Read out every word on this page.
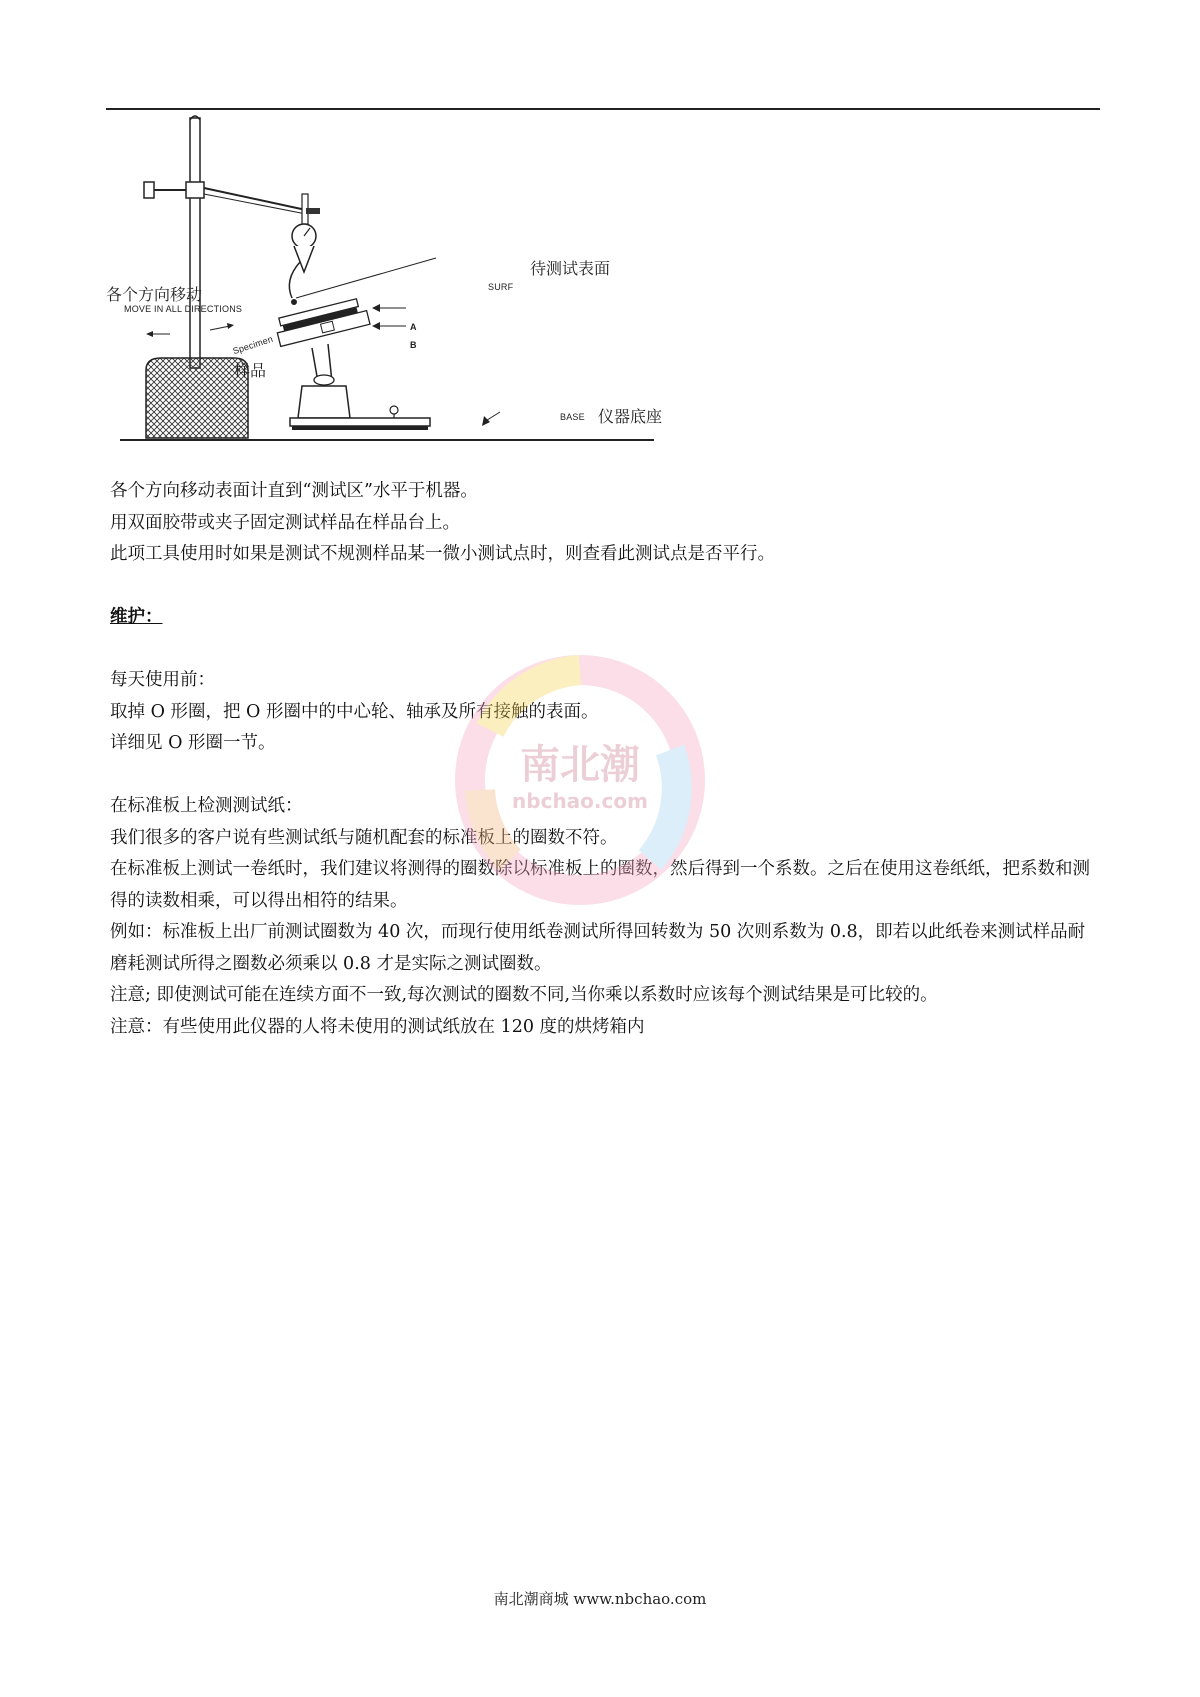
各个方向移动
MOVE IN ALL DIRECTIONS
待测试表面
SURF
Specimen
样品
A
B
BASE 仪器底座

各个方向移动表面计直到“测试区”水平于机器。

用双面胶带或夹子固定测试样品在样品台上。

此项工具使用时如果是测试不规测样品某一微小测试点时，则查看此测试点是否平行。

维护：

每天使用前：

取掉 O 形圈，把 O 形圈中的中心轮、轴承及所有接触的表面。

详细见 O 形圈一节。

在标准板上检测测试纸：

我们很多的客户说有些测试纸与随机配套的标准板上的圈数不符。

在标准板上测试一卷纸时，我们建议将测得的圈数除以标准板上的圈数，然后得到一个系数。之后在使用这卷纸纸，把系数和测得的读数相乘，可以得出相符的结果。

例如：标准板上出厂前测试圈数为 40 次，而现行使用纸卷测试所得回转数为 50 次则系数为 0.8，即若以此纸卷来测试样品耐磨耗测试所得之圈数必须乘以 0.8 才是实际之测试圈数。

注意; 即使测试可能在连续方面不一致,每次测试的圈数不同,当你乘以系数时应该每个测试结果是可比较的。

注意：有些使用此仪器的人将未使用的测试纸放在 120 度的烘烤箱内

南北潮
nbchao.com
南北潮商城 www.nbchao.com
